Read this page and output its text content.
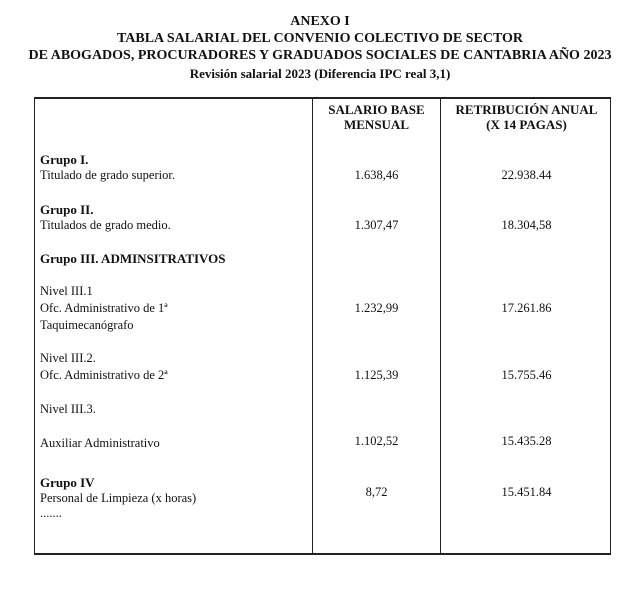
ANEXO I
TABLA SALARIAL DEL CONVENIO COLECTIVO DE SECTOR
DE ABOGADOS, PROCURADORES Y GRADUADOS SOCIALES DE CANTABRIA AÑO 2023
Revisión salarial 2023 (Diferencia IPC real 3,1)
SALARIO BASE
MENSUAL
RETRIBUCIÓN ANUAL
(X 14 PAGAS)
Grupo I.
Titulado de grado superior.	1.638,46	22.938.44
Grupo II.
Titulados de grado medio.	1.307,47	18.304,58
Grupo III. ADMINSITRATIVOS
Nivel III.1
Ofc. Administrativo de 1ª
Taquimecanógrafo
1.232,99	17.261.86
Nivel III.2.
Ofc. Administrativo de 2ª	1.125,39	15.755.46
Nivel III.3.
Auxiliar Administrativo	1.102,52	15.435.28
Grupo IV
Personal de Limpieza (x horas)
.......
8,72	15.451.84
